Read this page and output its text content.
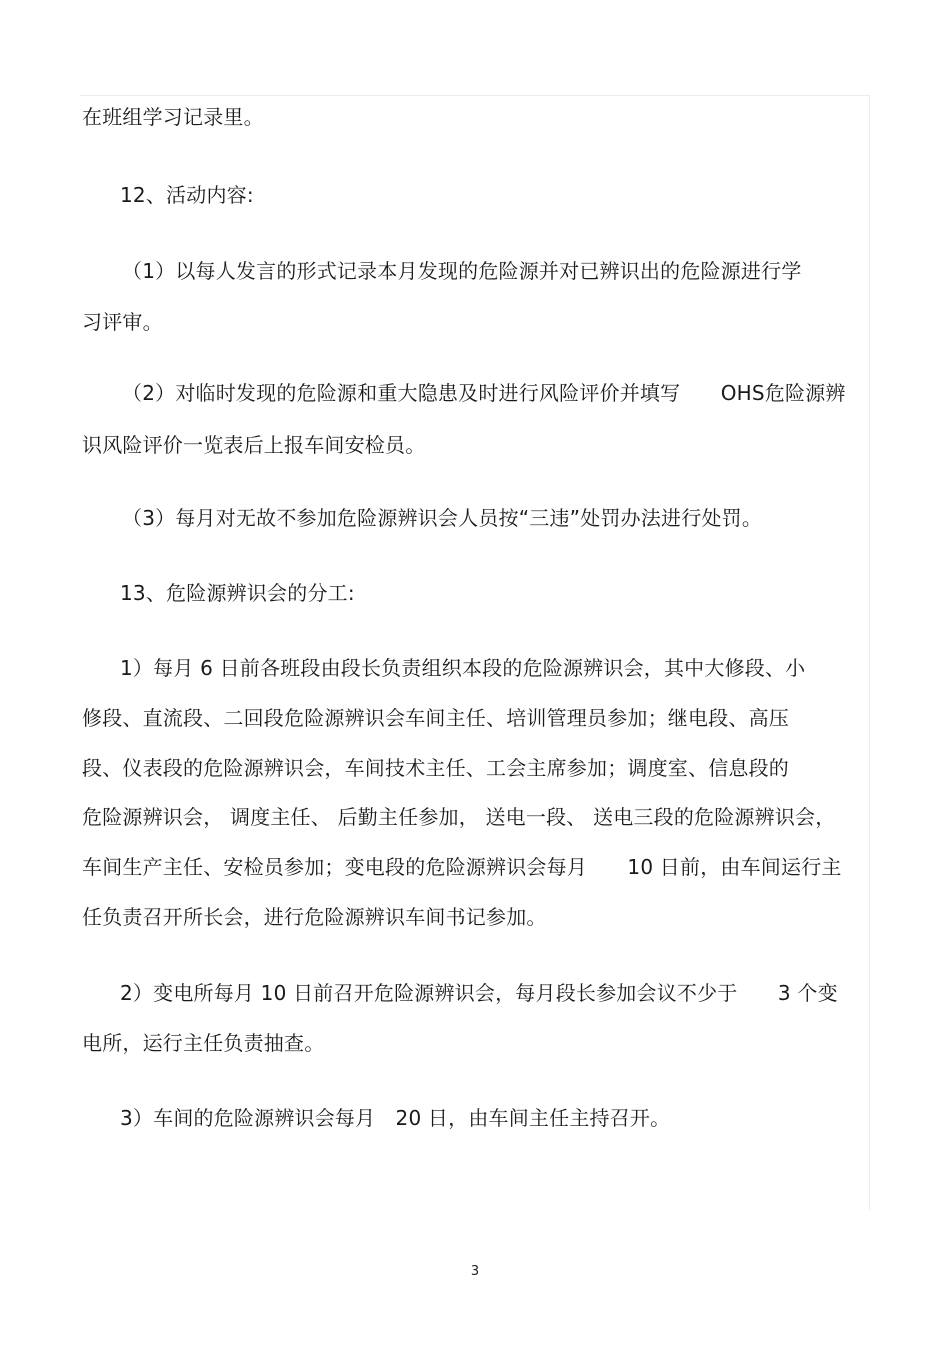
在班组学习记录里。
12、活动内容:
（1）以每人发言的形式记录本月发现的危险源并对已辨识出的危险源进行学
习评审。
（2）对临时发现的危险源和重大隐患及时进行风险评价并填写　　OHS危险源辨
识风险评价一览表后上报车间安检员。
（3）每月对无故不参加危险源辨识会人员按“三违”处罚办法进行处罚。
13、危险源辨识会的分工:
1）每月 6 日前各班段由段长负责组织本段的危险源辨识会，其中大修段、小
修段、直流段、二回段危险源辨识会车间主任、培训管理员参加；继电段、高压
段、仪表段的危险源辨识会，车间技术主任、工会主席参加；调度室、信息段的
危险源辨识会， 调度主任、 后勤主任参加， 送电一段、 送电三段的危险源辨识会，
车间生产主任、安检员参加；变电段的危险源辨识会每月　　10 日前，由车间运行主
任负责召开所长会，进行危险源辨识车间书记参加。
2）变电所每月 10 日前召开危险源辨识会，每月段长参加会议不少于　　3 个变
电所，运行主任负责抽查。
3）车间的危险源辨识会每月　20 日，由车间主任主持召开。
3
